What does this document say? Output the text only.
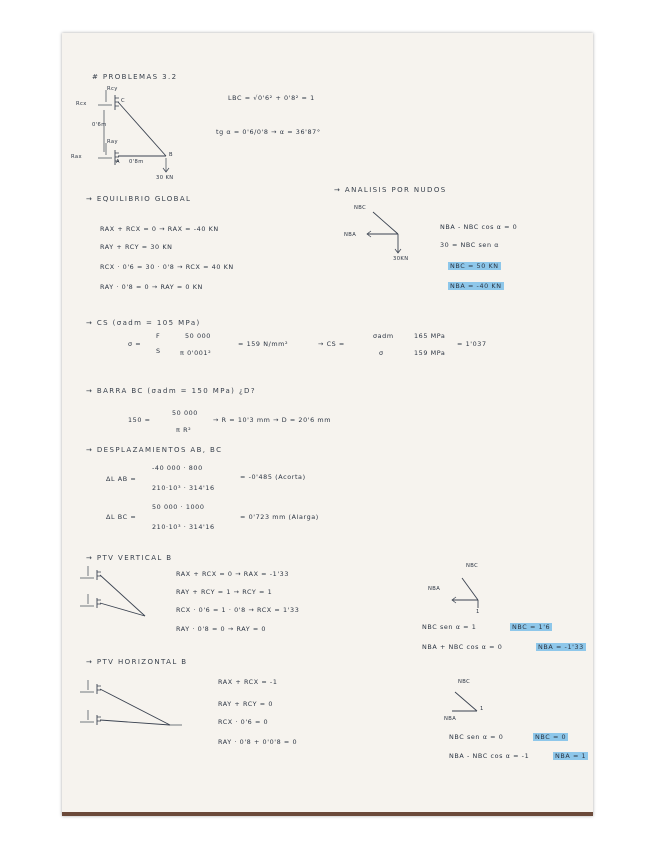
# PROBLEMAS 3.2
Rcy
Rcx	C
0'6m
Ray
Rax
A 0'8m
B
30 KN
LBC = √0'6² + 0'8² = 1
tg α = 0'6/0'8 → α = 36'87°
→ EQUILIBRIO GLOBAL
RAX + RCX = 0 → RAX = -40 KN
RAY + RCY = 30 KN
RCX · 0'6 = 30 · 0'8 → RCX = 40 KN
RAY · 0'8 = 0 → RAY = 0 KN
→ ANALISIS POR NUDOS
NBC
NBA
30KN
NBA - NBC cos α = 0
30 = NBC sen α
NBC = 50 KN
NBA = -40 KN
→ CS (σadm = 105 MPa)
σ =
F
S
50 000
π 0'001²
= 159 N/mm²	→ CS =
σadm
σ
165 MPa
159 MPa
= 1'037
→ BARRA BC (σadm = 150 MPa) ¿D?
150 =
50 000
π R²
→ R = 10'3 mm → D = 20'6 mm
→ DESPLAZAMIENTOS AB, BC
ΔL AB =
-40 000 · 800
210·10³ · 314'16
= -0'485 (Acorta)
ΔL BC =
50 000 · 1000
210·10³ · 314'16
= 0'723 mm (Alarga)
→ PTV VERTICAL B
RAX + RCX = 0 → RAX = -1'33
RAY + RCY = 1 → RCY = 1
RCX · 0'6 = 1 · 0'8 → RCX = 1'33
RAY · 0'8 = 0 → RAY = 0
NBC
NBA
1
NBC sen α = 1	NBC = 1'6
NBA + NBC cos α = 0	NBA = -1'33
→ PTV HORIZONTAL B
RAX + RCX = -1
RAY + RCY = 0
RCX · 0'6 = 0
RAY · 0'8 + 0'0'8 = 0
NBC
NBA
1
NBC sen α = 0	NBC = 0
NBA - NBC cos α = -1	NBA = 1
